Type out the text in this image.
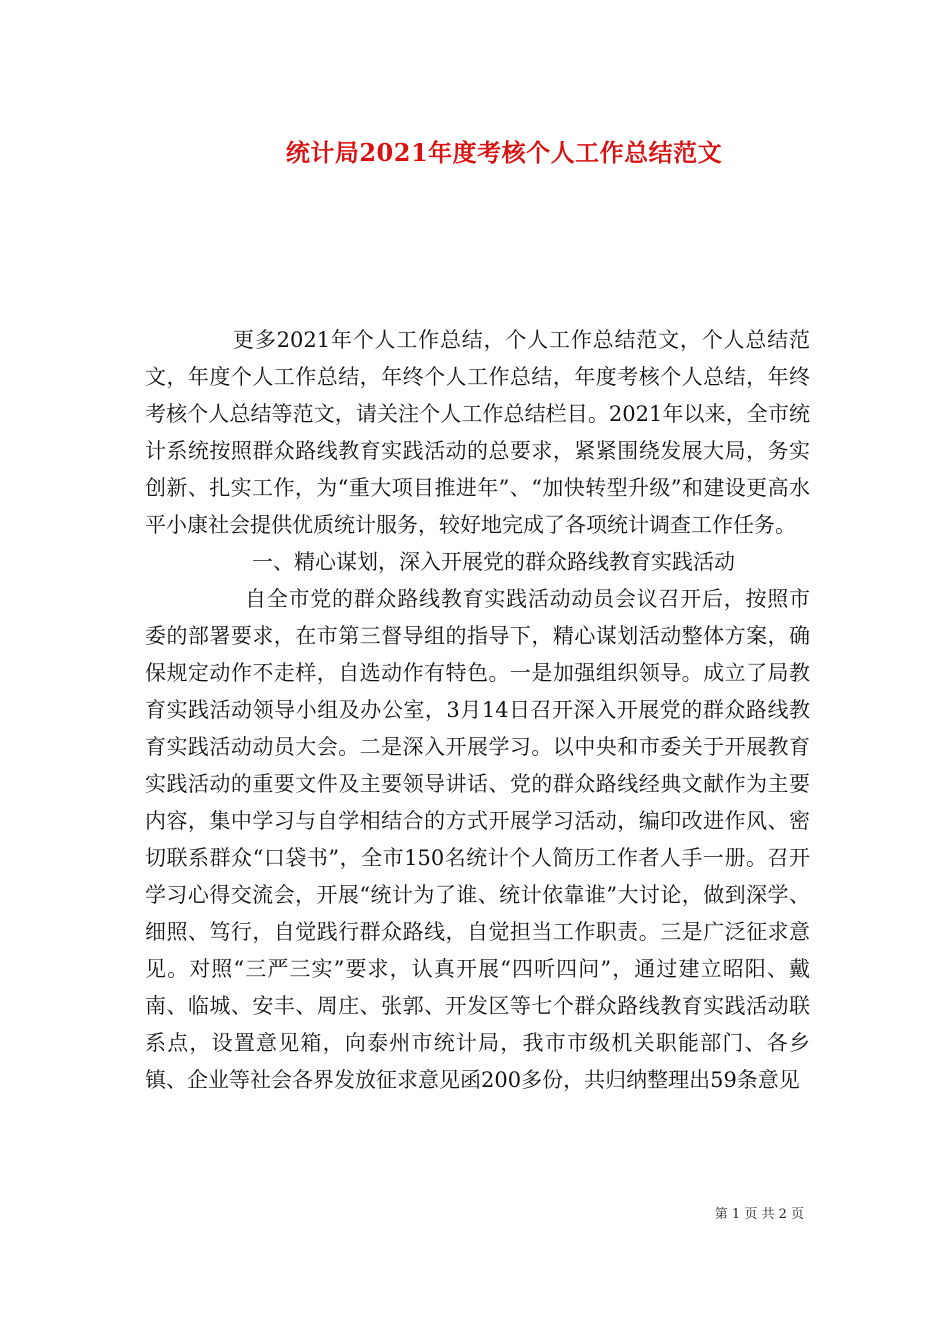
统计局2021年度考核个人工作总结范文

更多2021年个人工作总结，个人工作总结范文，个人总结范文，年度个人工作总结，年终个人工作总结，年度考核个人总结，年终考核个人总结等范文，请关注个人工作总结栏目。2021年以来，全市统计系统按照群众路线教育实践活动的总要求，紧紧围绕发展大局，务实创新、扎实工作，为“重大项目推进年”、“加快转型升级”和建设更高水平小康社会提供优质统计服务，较好地完成了各项统计调查工作任务。

一、精心谋划，深入开展党的群众路线教育实践活动

自全市党的群众路线教育实践活动动员会议召开后，按照市委的部署要求，在市第三督导组的指导下，精心谋划活动整体方案，确保规定动作不走样，自选动作有特色。一是加强组织领导。成立了局教育实践活动领导小组及办公室，3月14日召开深入开展党的群众路线教育实践活动动员大会。二是深入开展学习。以中央和市委关于开展教育实践活动的重要文件及主要领导讲话、党的群众路线经典文献作为主要内容，集中学习与自学相结合的方式开展学习活动，编印改进作风、密切联系群众“口袋书”，全市150名统计个人简历工作者人手一册。召开学习心得交流会，开展“统计为了谁、统计依靠谁”大讨论，做到深学、细照、笃行，自觉践行群众路线，自觉担当工作职责。三是广泛征求意见。对照“三严三实”要求，认真开展“四听四问”，通过建立昭阳、戴南、临城、安丰、周庄、张郭、开发区等七个群众路线教育实践活动联系点，设置意见箱，向泰州市统计局，我市市级机关职能部门、各乡镇、企业等社会各界发放征求意见函200多份，共归纳整理出59条意见

第 1 页 共 2 页
